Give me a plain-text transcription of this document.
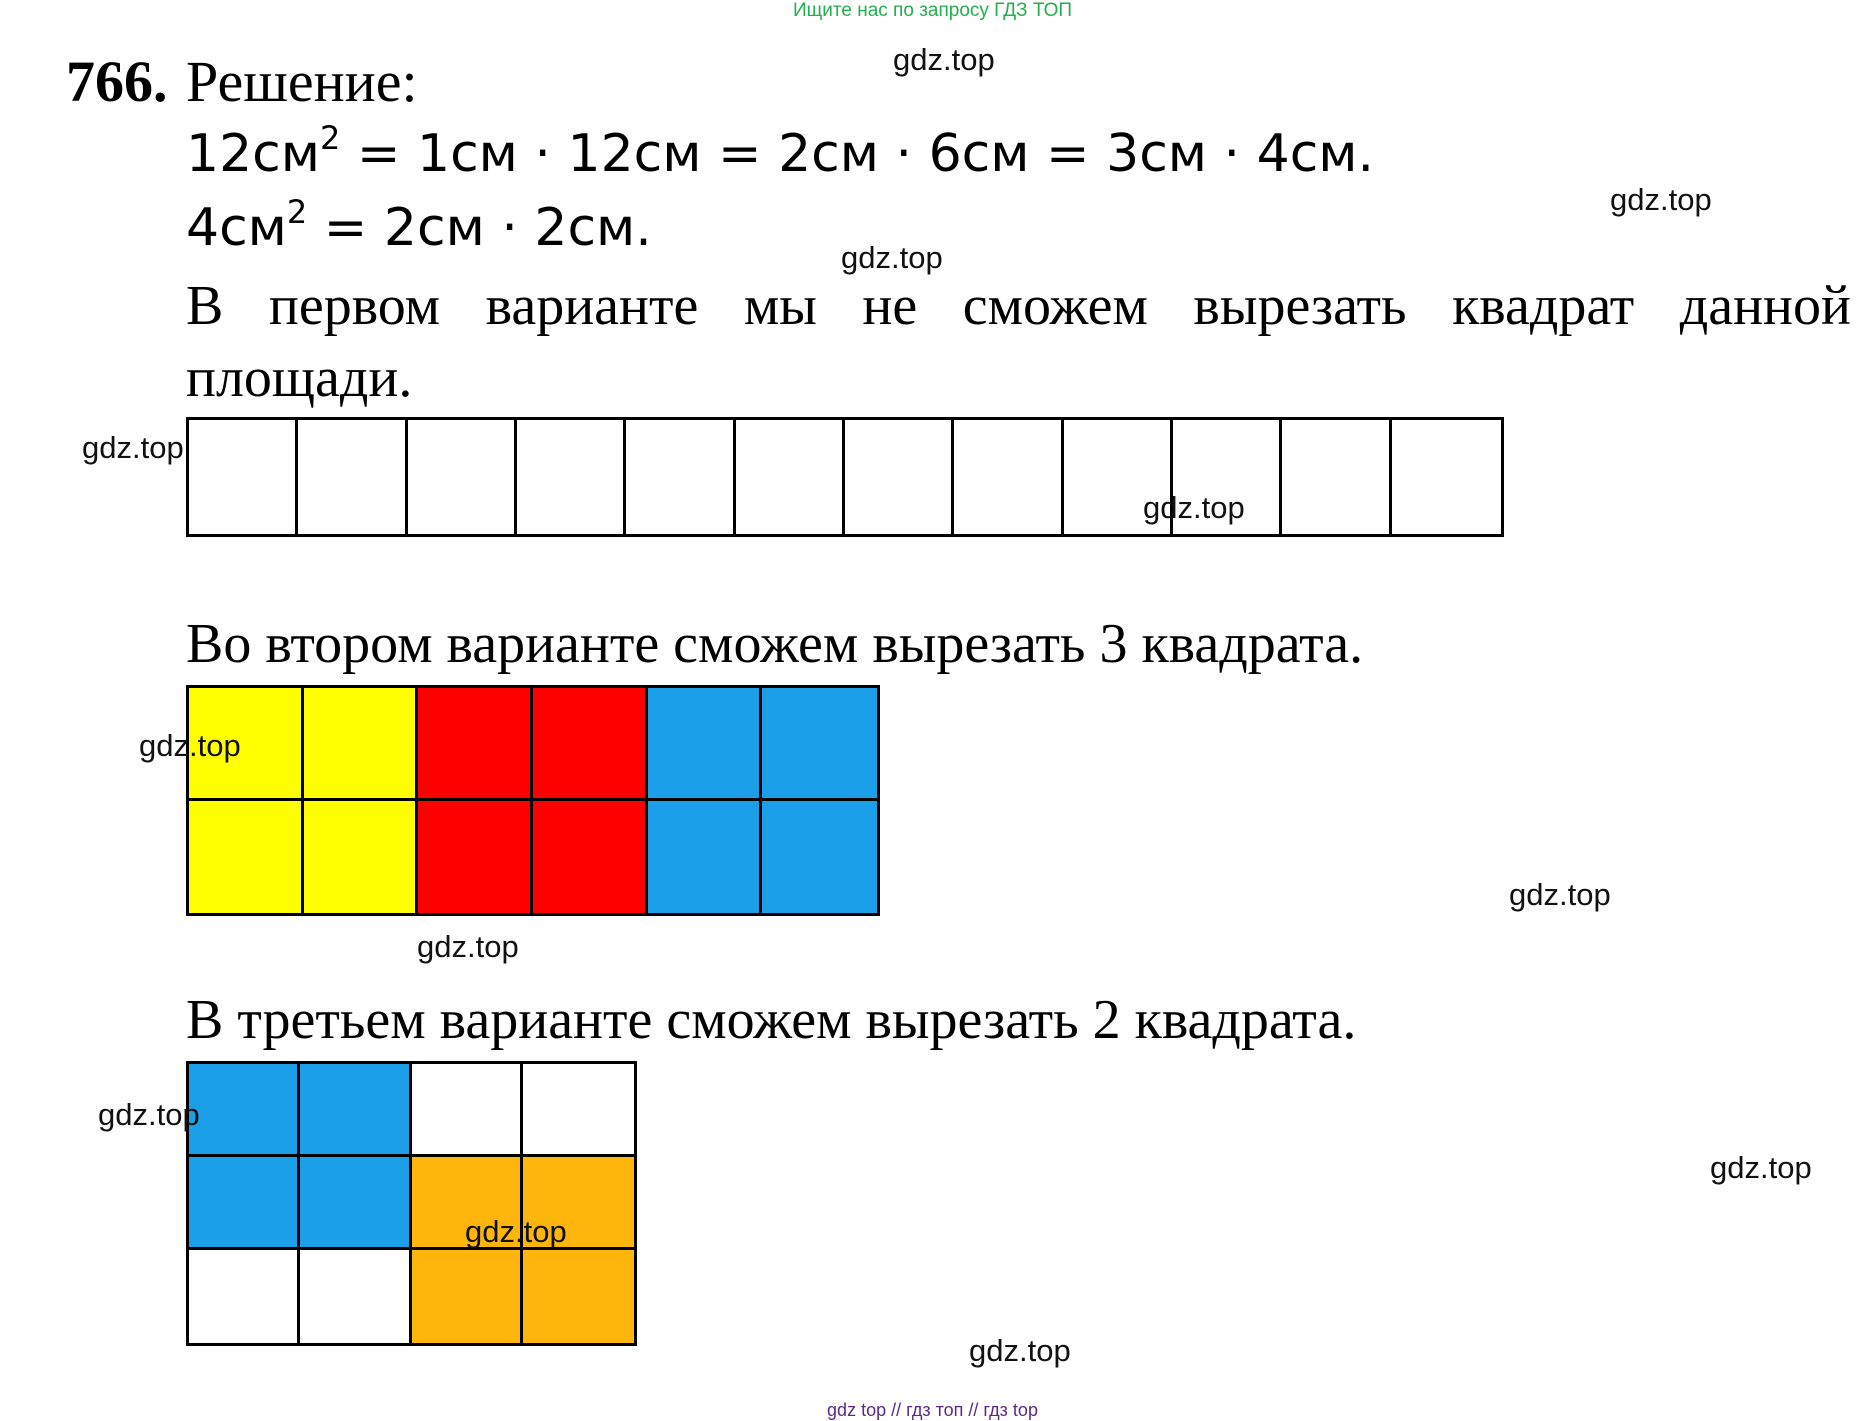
Ищите нас по запросу ГДЗ ТОП
766. Решение:
$12см^2 = 1см \cdot 12см = 2см \cdot 6см = 3см \cdot 4см$.
$4см^2 = 2см \cdot 2см$.
В первом варианте мы не сможем вырезать квадрат данной площади.
Во втором варианте сможем вырезать 3 квадрата.
В третьем варианте сможем вырезать 2 квадрата.
gdz.top
gdz.top
gdz.top
gdz.top
gdz.top
gdz.top
gdz.top
gdz.top
gdz.top
gdz.top
gdz.top
gdz.top
gdz top // гдз топ // гдз top
